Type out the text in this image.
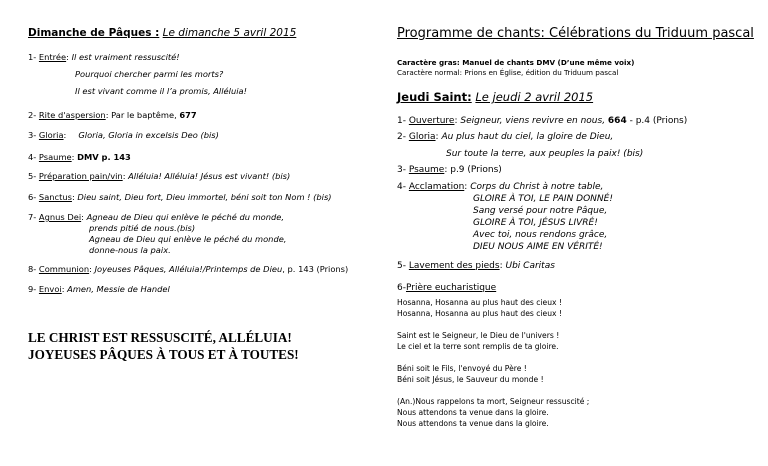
Dimanche de Pâques : Le dimanche 5 avril 2015
1- Entrée: Il est vraiment ressuscité!
Pourquoi chercher parmi les morts?
Il est vivant comme il l’a promis, Alléluia!
2- Rite d'aspersion: Par le baptême, 677
3- Gloria: Gloria, Gloria in excelsis Deo (bis)
4- Psaume: DMV p. 143
5- Préparation pain/vin: Alléluia! Alléluia! Jésus est vivant! (bis)
6- Sanctus: Dieu saint, Dieu fort, Dieu immortel, béni soit ton Nom ! (bis)
7- Agnus Dei: Agneau de Dieu qui enlève le péché du monde,
prends pitié de nous.(bis)
Agneau de Dieu qui enlève le péché du monde,
donne-nous la paix.
8- Communion: Joyeuses Pâques, Alléluia!/Printemps de Dieu, p. 143 (Prions)
9- Envoi: Amen, Messie de Handel
LE CHRIST EST RESSUSCITÉ, ALLÉLUIA!
JOYEUSES PÂQUES À TOUS ET À TOUTES!
Programme de chants: Célébrations du Triduum pascal
Caractère gras: Manuel de chants DMV (D’une même voix)
Caractère normal: Prions en Église, édition du Triduum pascal
Jeudi Saint: Le jeudi 2 avril 2015
1- Ouverture: Seigneur, viens revivre en nous, 664 - p.4 (Prions)
2- Gloria: Au plus haut du ciel, la gloire de Dieu,
Sur toute la terre, aux peuples la paix! (bis)
3- Psaume: p.9 (Prions)
4- Acclamation: Corps du Christ à notre table,
GLOIRE À TOI, LE PAIN DONNÉ!
Sang versé pour notre Pâque,
GLOIRE À TOI, JÉSUS LIVRÉ!
Avec toi, nous rendons grâce,
DIEU NOUS AIME EN VÉRITÉ!
5- Lavement des pieds: Ubi Caritas
6-Prière eucharistique
Hosanna, Hosanna au plus haut des cieux !
Hosanna, Hosanna au plus haut des cieux !
Saint est le Seigneur, le Dieu de l'univers !
Le ciel et la terre sont remplis de ta gloire.
Béni soit le Fils, l'envoyé du Père !
Béni soit Jésus, le Sauveur du monde !
(An.)Nous rappelons ta mort, Seigneur ressuscité ;
Nous attendons ta venue dans la gloire.
Nous attendons ta venue dans la gloire.
